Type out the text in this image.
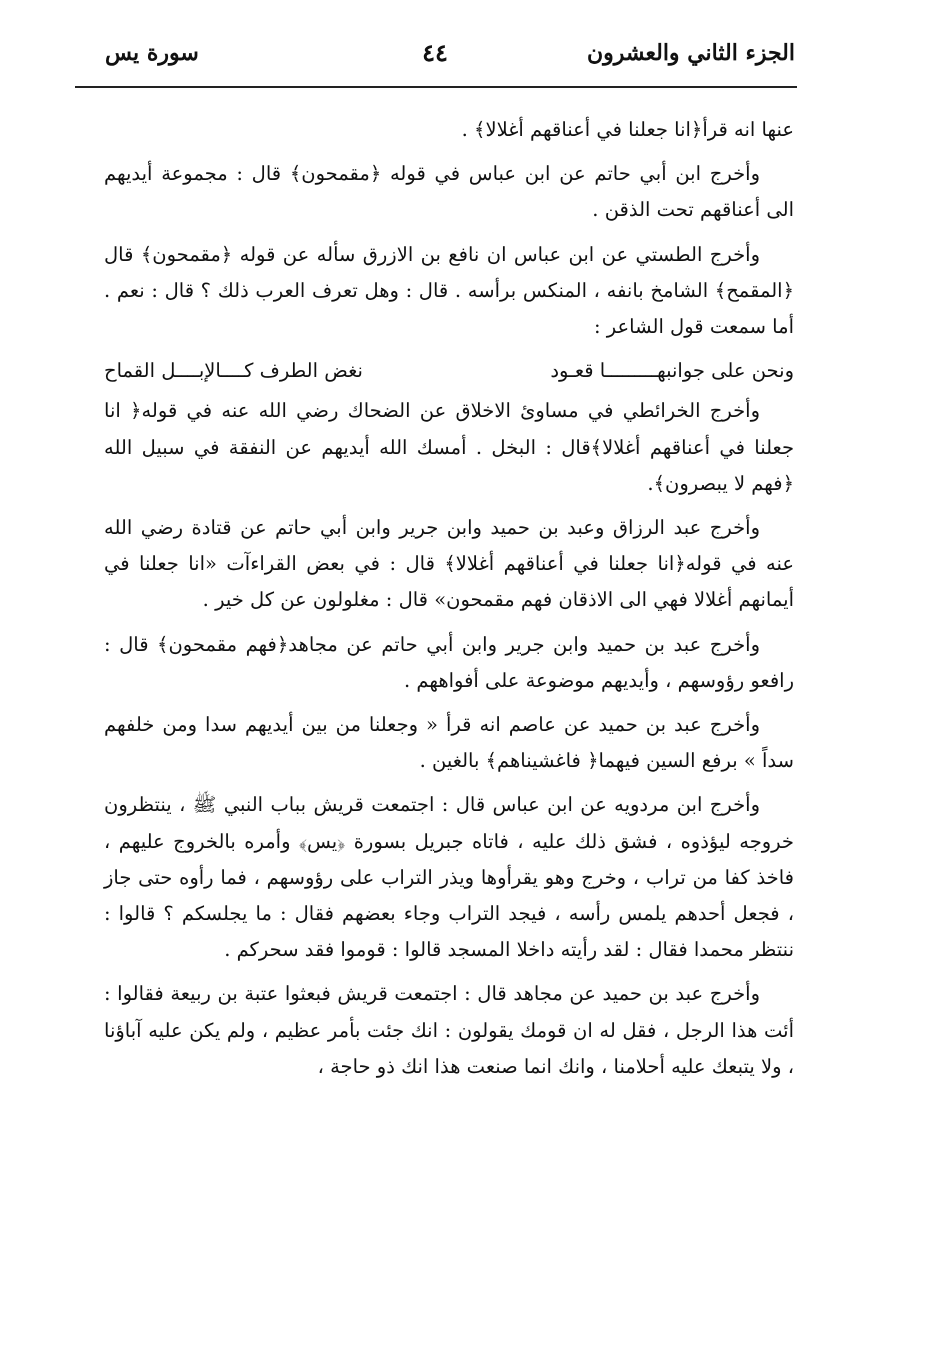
الجزء الثاني والعشرون
٤٤
سورة يس

عنها انه قرأ﴿انا جعلنا في أعناقهم أغلالا﴾ .

وأخرج ابن أبي حاتم عن ابن عباس في قوله ﴿مقمحون﴾ قال : مجموعة أيديهم الى أعناقهم تحت الذقن .

وأخرج الطستي عن ابن عباس ان نافع بن الازرق سأله عن قوله ﴿مقمحون﴾ قال ﴿المقمح﴾ الشامخ بانفه ، المنكس برأسه . قال : وهل تعرف العرب ذلك ؟ قال : نعم . أما سمعت قول الشاعر :

ونحن على جوانبهـــــــــا قعـود
نغض الطرف كــــالإبــــل القماح

وأخرج الخرائطي في مساوئ الاخلاق عن الضحاك رضي الله عنه في قوله﴿ انا جعلنا في أعناقهم أغلالا﴾قال : البخل . أمسك الله أيديهم عن النفقة في سبيل الله ﴿فهم لا يبصرون﴾.

وأخرج عبد الرزاق وعبد بن حميد وابن جرير وابن أبي حاتم عن قتادة رضي الله عنه في قوله﴿انا جعلنا في أعناقهم أغلالا﴾ قال : في بعض القراءآت «انا جعلنا في أيمانهم أغلالا فهي الى الاذقان فهم مقمحون» قال : مغلولون عن كل خير .

وأخرج عبد بن حميد وابن جرير وابن أبي حاتم عن مجاهد﴿فهم مقمحون﴾ قال : رافعو رؤوسهم ، وأيديهم موضوعة على أفواههم .

وأخرج عبد بن حميد عن عاصم انه قرأ « وجعلنا من بين أيديهم سدا ومن خلفهم سداً » برفع السين فيهما﴿ فاغشيناهم﴾ بالغين .

وأخرج ابن مردويه عن ابن عباس قال : اجتمعت قريش بباب النبي ﷺ ، ينتظرون خروجه ليؤذوه ، فشق ذلك عليه ، فاتاه جبريل بسورة ﴿يس﴾ وأمره بالخروج عليهم ، فاخذ كفا من تراب ، وخرج وهو يقرأوها ويذر التراب على رؤوسهم ، فما رأوه حتى جاز ، فجعل أحدهم يلمس رأسه ، فيجد التراب وجاء بعضهم فقال : ما يجلسكم ؟ قالوا : ننتظر محمدا فقال : لقد رأيته داخلا المسجد قالوا : قوموا فقد سحركم .

وأخرج عبد بن حميد عن مجاهد قال : اجتمعت قريش فبعثوا عتبة بن ربيعة فقالوا : أئت هذا الرجل ، فقل له ان قومك يقولون : انك جئت بأمر عظيم ، ولم يكن عليه آباؤنا ، ولا يتبعك عليه أحلامنا ، وانك انما صنعت هذا انك ذو حاجة ،
